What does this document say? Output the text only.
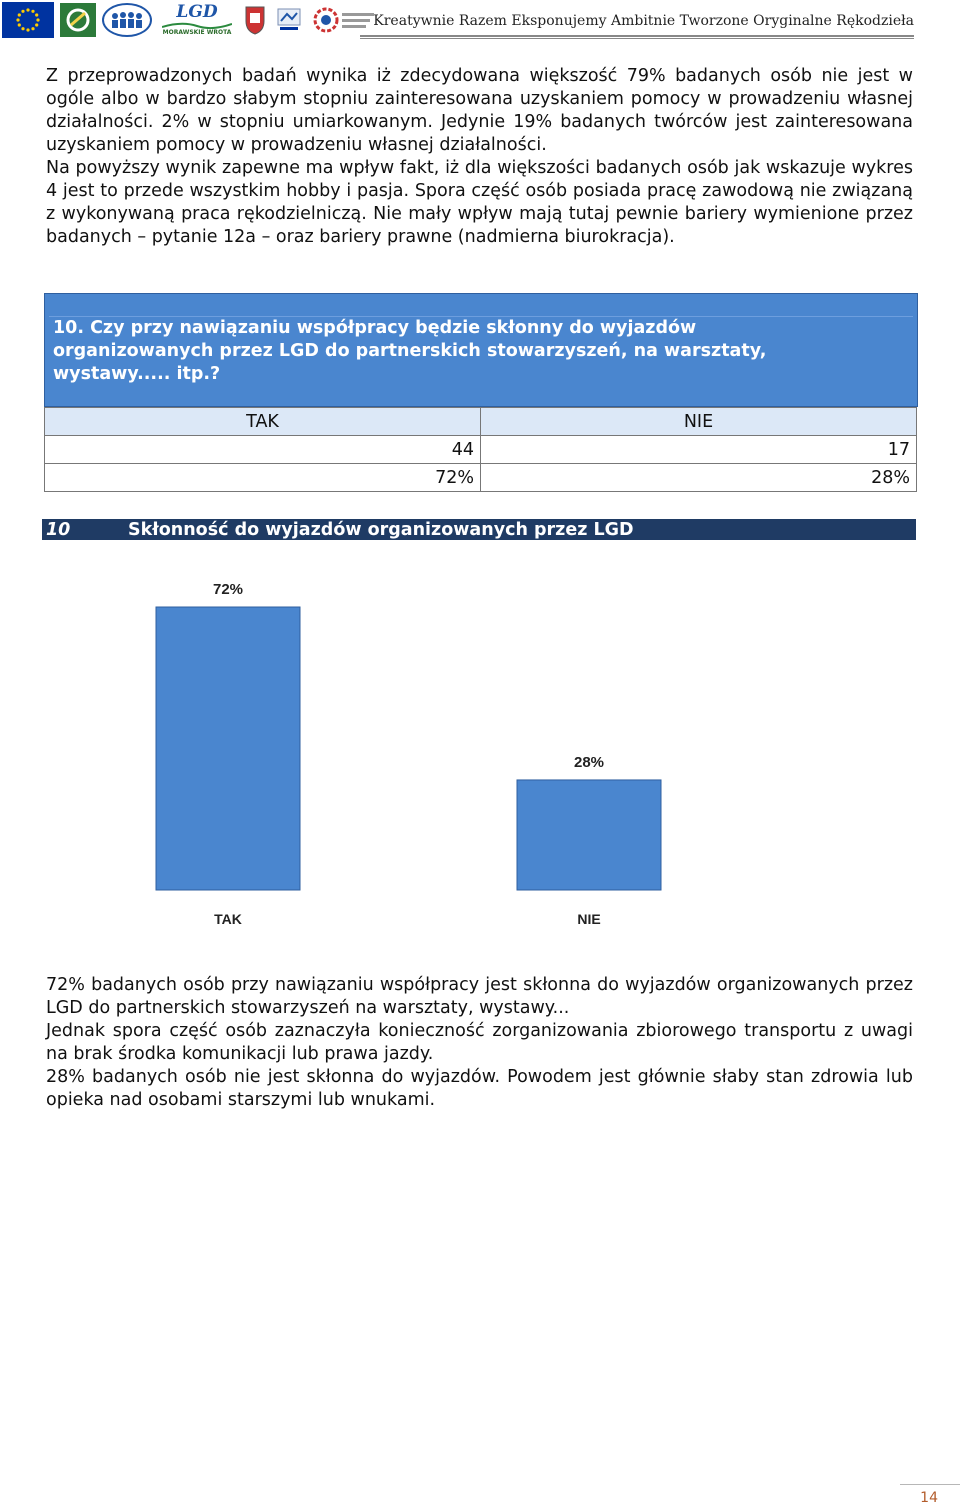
LGD
MORAWSKIE WROTA
Kreatywnie Razem Eksponujemy Ambitnie Tworzone Oryginalne Rękodzieła

Z przeprowadzonych badań wynika iż zdecydowana większość 79% badanych osób nie jest w ogóle albo w bardzo słabym stopniu zainteresowana uzyskaniem pomocy w prowadzeniu własnej działalności. 2% w stopniu umiarkowanym. Jedynie 19% badanych twórców jest zainteresowana uzyskaniem pomocy w prowadzeniu własnej działalności.

Na powyższy wynik zapewne ma wpływ fakt, iż dla większości badanych osób jak wskazuje wykres 4 jest to przede wszystkim hobby i pasja. Spora część osób posiada pracę zawodową nie związaną z wykonywaną praca rękodzielniczą. Nie mały wpływ mają tutaj pewnie bariery wymienione przez badanych – pytanie 12a – oraz bariery prawne (nadmierna biurokracja).

10. Czy przy nawiązaniu współpracy będzie skłonny do wyjazdów organizowanych przez LGD do partnerskich stowarzyszeń, na warsztaty, wystawy..... itp.?
TAK	NIE
44	17
72%	28%
10	Skłonność do wyjazdów organizowanych przez LGD
72%
TAK
28%
NIE

72% badanych osób przy nawiązaniu współpracy jest skłonna do wyjazdów organizowanych przez LGD do partnerskich stowarzyszeń na warsztaty, wystawy...

Jednak spora część osób zaznaczyła konieczność zorganizowania zbiorowego transportu z uwagi na brak środka komunikacji lub prawa jazdy.

28% badanych osób nie jest skłonna do wyjazdów. Powodem jest głównie słaby stan zdrowia lub opieka nad osobami starszymi lub wnukami.

14
